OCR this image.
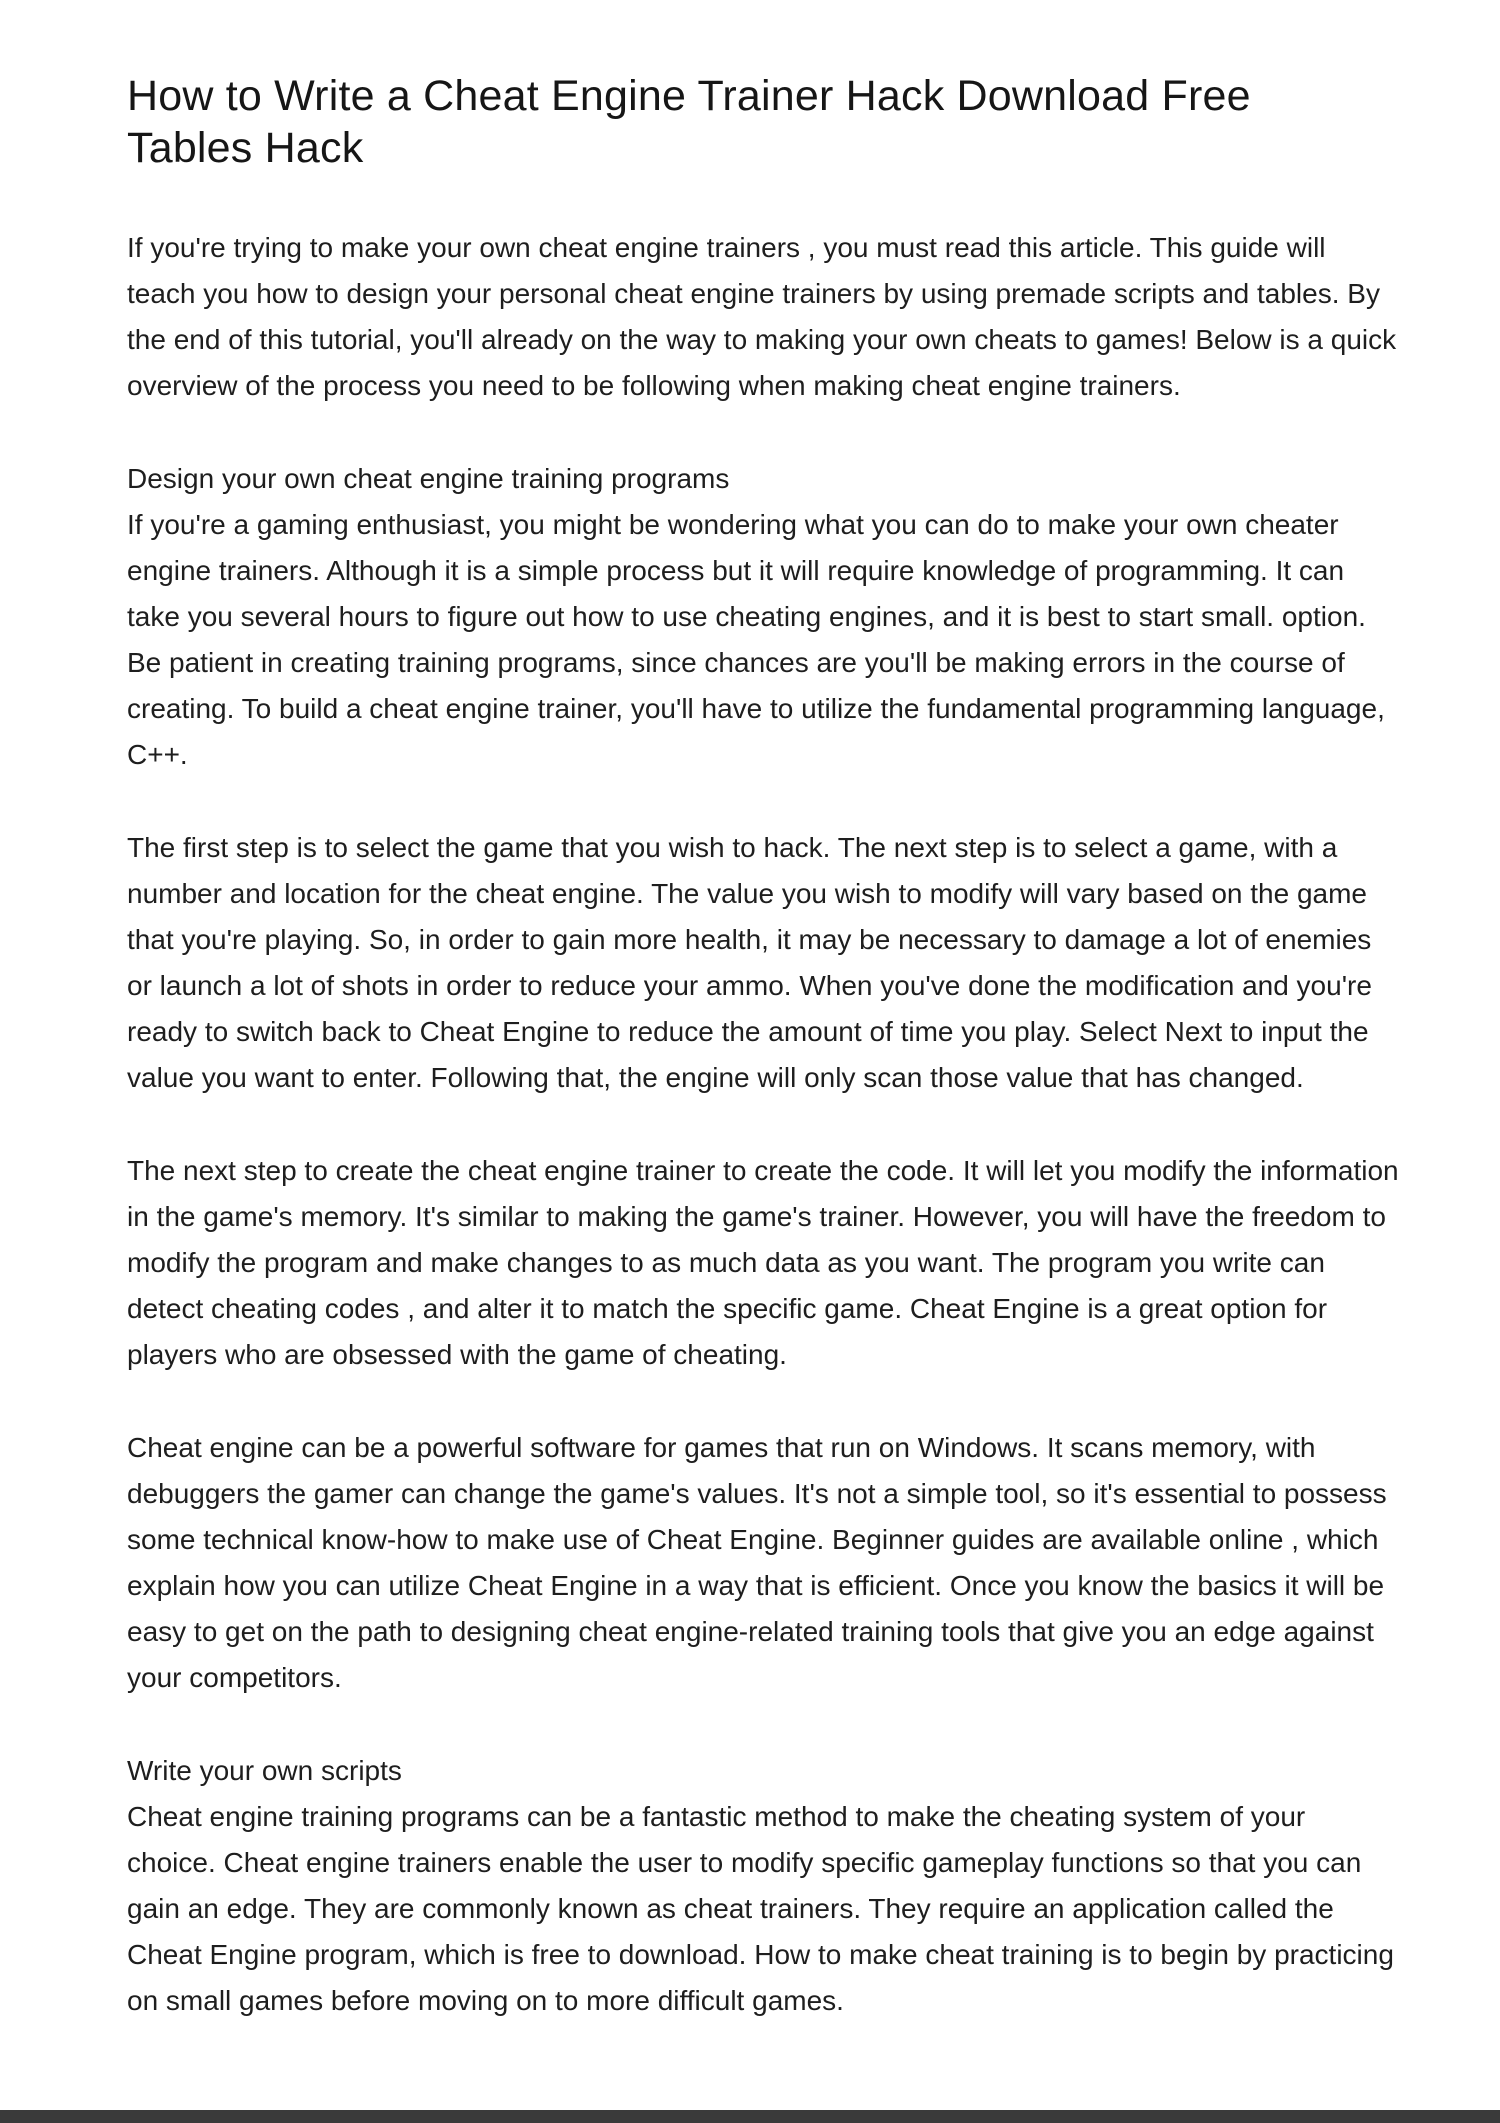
How to Write a Cheat Engine Trainer Hack Download Free Tables Hack

If you're trying to make your own cheat engine trainers , you must read this article. This guide will teach you how to design your personal cheat engine trainers by using premade scripts and tables. By the end of this tutorial, you'll already on the way to making your own cheats to games! Below is a quick overview of the process you need to be following when making cheat engine trainers.

Design your own cheat engine training programs
If you're a gaming enthusiast, you might be wondering what you can do to make your own cheater engine trainers. Although it is a simple process but it will require knowledge of programming. It can take you several hours to figure out how to use cheating engines, and it is best to start small. option. Be patient in creating training programs, since chances are you'll be making errors in the course of creating. To build a cheat engine trainer, you'll have to utilize the fundamental programming language, C++.

The first step is to select the game that you wish to hack. The next step is to select a game, with a number and location for the cheat engine. The value you wish to modify will vary based on the game that you're playing. So, in order to gain more health, it may be necessary to damage a lot of enemies or launch a lot of shots in order to reduce your ammo. When you've done the modification and you're ready to switch back to Cheat Engine to reduce the amount of time you play. Select Next to input the value you want to enter. Following that, the engine will only scan those value that has changed.

The next step to create the cheat engine trainer to create the code. It will let you modify the information in the game's memory. It's similar to making the game's trainer. However, you will have the freedom to modify the program and make changes to as much data as you want. The program you write can detect cheating codes , and alter it to match the specific game. Cheat Engine is a great option for players who are obsessed with the game of cheating.

Cheat engine can be a powerful software for games that run on Windows. It scans memory, with debuggers the gamer can change the game's values. It's not a simple tool, so it's essential to possess some technical know-how to make use of Cheat Engine. Beginner guides are available online , which explain how you can utilize Cheat Engine in a way that is efficient. Once you know the basics it will be easy to get on the path to designing cheat engine-related training tools that give you an edge against your competitors.

Write your own scripts
Cheat engine training programs can be a fantastic method to make the cheating system of your choice. Cheat engine trainers enable the user to modify specific gameplay functions so that you can gain an edge. They are commonly known as cheat trainers. They require an application called the Cheat Engine program, which is free to download. How to make cheat training is to begin by practicing on small games before moving on to more difficult games.
